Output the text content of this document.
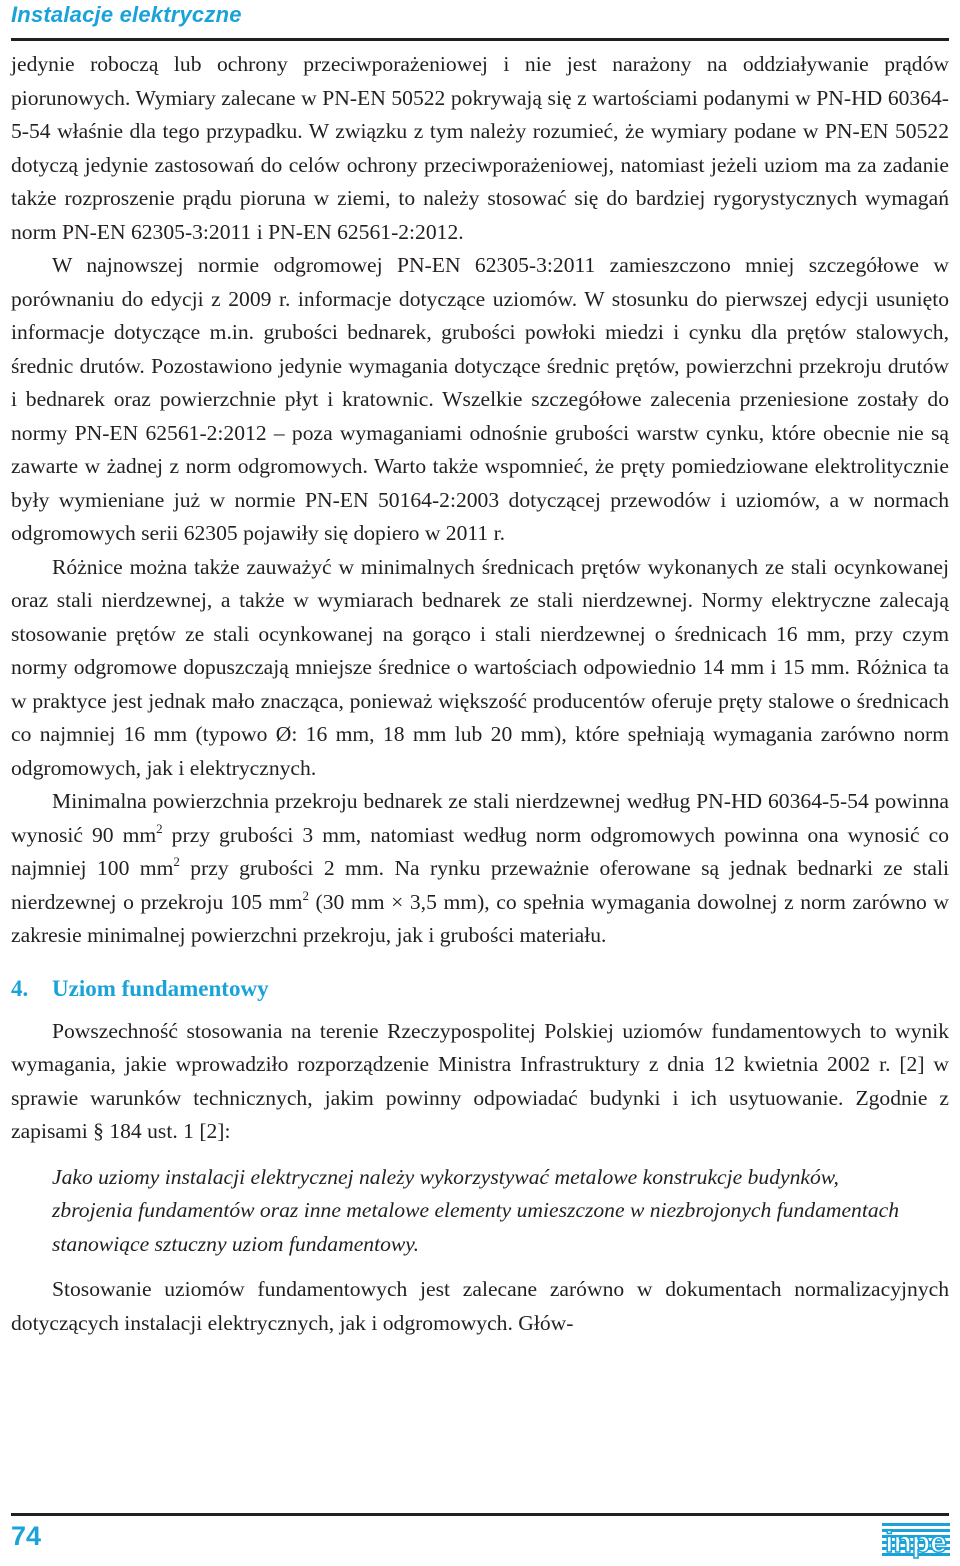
Instalacje elektryczne

jedynie roboczą lub ochrony przeciwporażeniowej i nie jest narażony na oddziaływanie prądów piorunowych. Wymiary zalecane w PN-EN 50522 pokrywają się z wartościami podanymi w PN-HD 60364-5-54 właśnie dla tego przypadku. W związku z tym należy rozumieć, że wymiary podane w PN-EN 50522 dotyczą jedynie zastosowań do celów ochrony przeciwporażeniowej, natomiast jeżeli uziom ma za zadanie także rozproszenie prądu pioruna w ziemi, to należy stosować się do bardziej rygorystycznych wymagań norm PN-EN 62305-3:2011 i PN-EN 62561-2:2012.

W najnowszej normie odgromowej PN-EN 62305-3:2011 zamieszczono mniej szczegółowe w porównaniu do edycji z 2009 r. informacje dotyczące uziomów. W stosunku do pierwszej edycji usunięto informacje dotyczące m.in. grubości bednarek, grubości powłoki miedzi i cynku dla prętów stalowych, średnic drutów. Pozostawiono jedynie wymagania dotyczące średnic prętów, powierzchni przekroju drutów i bednarek oraz powierzchnie płyt i kratownic. Wszelkie szczegółowe zalecenia przeniesione zostały do normy PN-EN 62561-2:2012 – poza wymaganiami odnośnie grubości warstw cynku, które obecnie nie są zawarte w żadnej z norm odgromowych. Warto także wspomnieć, że pręty pomiedziowane elektrolitycznie były wymieniane już w normie PN-EN 50164-2:2003 dotyczącej przewodów i uziomów, a w normach odgromowych serii 62305 pojawiły się dopiero w 2011 r.

Różnice można także zauważyć w minimalnych średnicach prętów wykonanych ze stali ocynkowanej oraz stali nierdzewnej, a także w wymiarach bednarek ze stali nierdzewnej. Normy elektryczne zalecają stosowanie prętów ze stali ocynkowanej na gorąco i stali nierdzewnej o średnicach 16 mm, przy czym normy odgromowe dopuszczają mniejsze średnice o wartościach odpowiednio 14 mm i 15 mm. Różnica ta w praktyce jest jednak mało znacząca, ponieważ większość producentów oferuje pręty stalowe o średnicach co najmniej 16 mm (typowo Ø: 16 mm, 18 mm lub 20 mm), które spełniają wymagania zarówno norm odgromowych, jak i elektrycznych.

Minimalna powierzchnia przekroju bednarek ze stali nierdzewnej według PN-HD 60364-5-54 powinna wynosić 90 $mm^2$ przy grubości 3 mm, natomiast według norm odgromowych powinna ona wynosić co najmniej 100 $mm^2$ przy grubości 2 mm. Na rynku przeważnie oferowane są jednak bednarki ze stali nierdzewnej o przekroju 105 $mm^2$ (30 mm × 3,5 mm), co spełnia wymagania dowolnej z norm zarówno w zakresie minimalnej powierzchni przekroju, jak i grubości materiału.

4.	Uziom fundamentowy

Powszechność stosowania na terenie Rzeczypospolitej Polskiej uziomów fundamentowych to wynik wymagania, jakie wprowadziło rozporządzenie Ministra Infrastruktury z dnia 12 kwietnia 2002 r. [2] w sprawie warunków technicznych, jakim powinny odpowiadać budynki i ich usytuowanie. Zgodnie z zapisami § 184 ust. 1 [2]:

Jako uziomy instalacji elektrycznej należy wykorzystywać metalowe konstrukcje budynków, zbrojenia fundamentów oraz inne metalowe elementy umieszczone w niezbrojonych fundamentach stanowiące sztuczny uziom fundamentowy.

Stosowanie uziomów fundamentowych jest zalecane zarówno w dokumentach normalizacyjnych dotyczących instalacji elektrycznych, jak i odgromowych. Głów-

74	inpe
